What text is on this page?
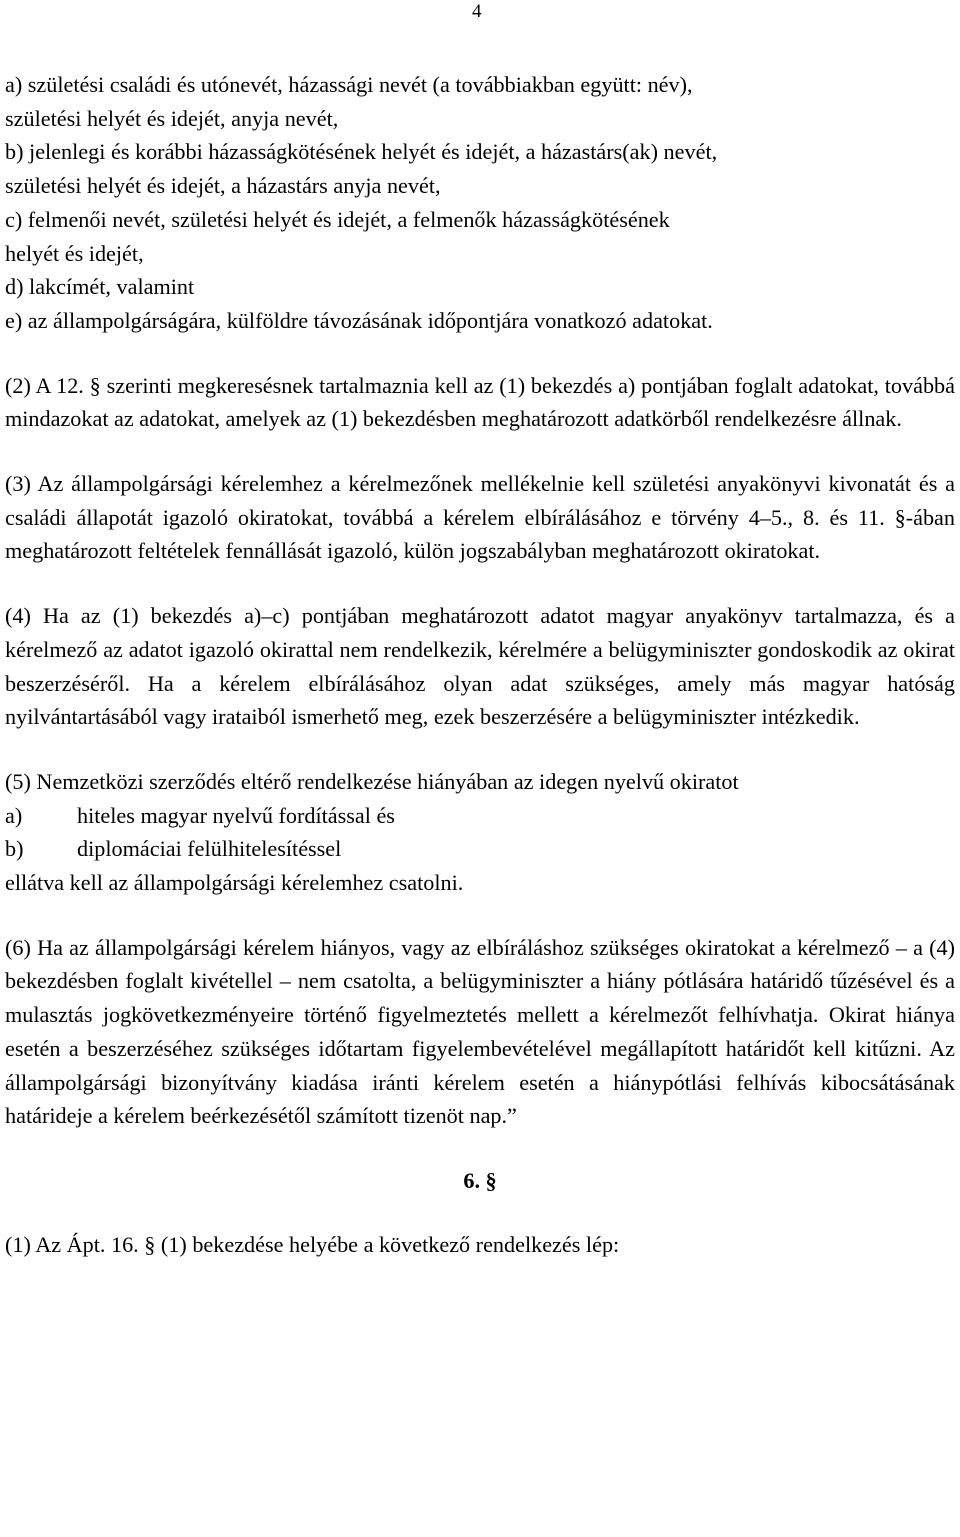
4
a) születési családi és utónevét, házassági nevét (a továbbiakban együtt: név),
születési helyét és idejét, anyja nevét,
b) jelenlegi és korábbi házasságkötésének helyét és idejét, a házastárs(ak) nevét,
születési helyét és idejét, a házastárs anyja nevét,
c) felmenői nevét, születési helyét és idejét, a felmenők házasságkötésének
helyét és idejét,
d) lakcímét, valamint
e) az állampolgárságára, külföldre távozásának időpontjára vonatkozó adatokat.

(2) A 12. § szerinti megkeresésnek tartalmaznia kell az (1) bekezdés a) pontjában foglalt adatokat, továbbá mindazokat az adatokat, amelyek az (1) bekezdésben meghatározott adatkörből rendelkezésre állnak.

(3) Az állampolgársági kérelemhez a kérelmezőnek mellékelnie kell születési anyakönyvi kivonatát és a családi állapotát igazoló okiratokat, továbbá a kérelem elbírálásához e törvény 4–5., 8. és 11. §-ában meghatározott feltételek fennállását igazoló, külön jogszabályban meghatározott okiratokat.

(4) Ha az (1) bekezdés a)–c) pontjában meghatározott adatot magyar anyakönyv tartalmazza, és a kérelmező az adatot igazoló okirattal nem rendelkezik, kérelmére a belügyminiszter gondoskodik az okirat beszerzéséről. Ha a kérelem elbírálásához olyan adat szükséges, amely más magyar hatóság nyilvántartásából vagy irataiból ismerhető meg, ezek beszerzésére a belügyminiszter intézkedik.

(5) Nemzetközi szerződés eltérő rendelkezése hiányában az idegen nyelvű okiratot

a)	hiteles magyar nyelvű fordítással és
b)	diplomáciai felülhitelesítéssel
ellátva kell az állampolgársági kérelemhez csatolni.

(6) Ha az állampolgársági kérelem hiányos, vagy az elbíráláshoz szükséges okiratokat a kérelmező – a (4) bekezdésben foglalt kivétellel – nem csatolta, a belügyminiszter a hiány pótlására határidő tűzésével és a mulasztás jogkövetkezményeire történő figyelmeztetés mellett a kérelmezőt felhívhatja. Okirat hiánya esetén a beszerzéséhez szükséges időtartam figyelembevételével megállapított határidőt kell kitűzni. Az állampolgársági bizonyítvány kiadása iránti kérelem esetén a hiánypótlási felhívás kibocsátásának határideje a kérelem beérkezésétől számított tizenöt nap.”

6. §
(1) Az Ápt. 16. § (1) bekezdése helyébe a következő rendelkezés lép:
